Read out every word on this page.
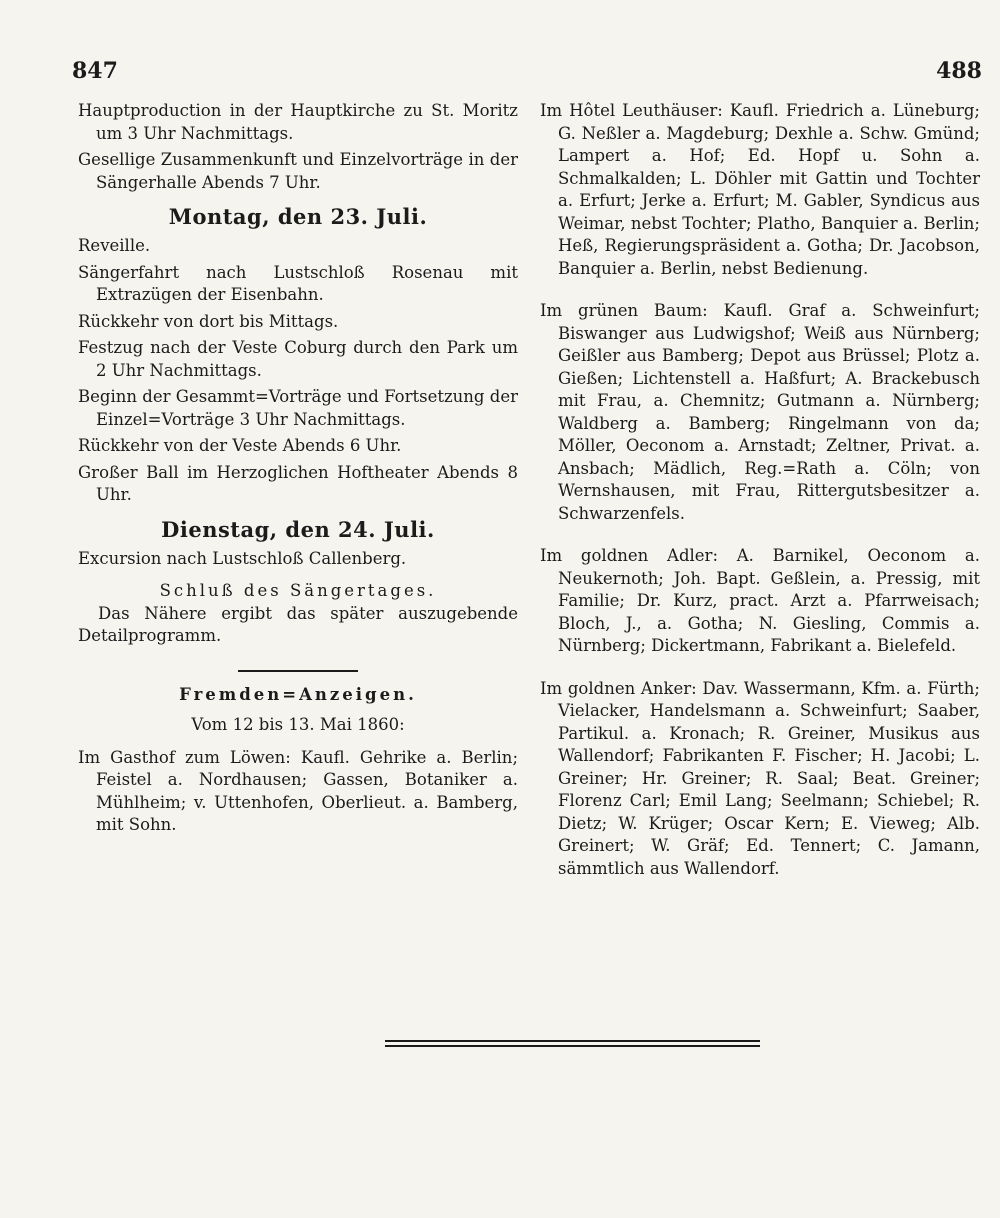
847	488

Hauptproduction in der Hauptkirche zu St. Moritz um 3 Uhr Nachmittags.

Gesellige Zusammenkunft und Einzelvorträge in der Sängerhalle Abends 7 Uhr.

Montag, den 23. Juli.

Reveille.

Sängerfahrt nach Lustschloß Rosenau mit Extrazügen der Eisenbahn.

Rückkehr von dort bis Mittags.

Festzug nach der Veste Coburg durch den Park um 2 Uhr Nachmittags.

Beginn der Gesammt=Vorträge und Fortsetzung der Einzel=Vorträge 3 Uhr Nachmittags.

Rückkehr von der Veste Abends 6 Uhr.

Großer Ball im Herzoglichen Hoftheater Abends 8 Uhr.

Dienstag, den 24. Juli.

Excursion nach Lustschloß Callenberg.

Schluß des Sängertages.

Das Nähere ergibt das später auszugebende Detailprogramm.

Fremden=Anzeigen.

Vom 12 bis 13. Mai 1860:

Im Gasthof zum Löwen: Kaufl. Gehrike a. Berlin; Feistel a. Nordhausen; Gassen, Botaniker a. Mühlheim; v. Uttenhofen, Oberlieut. a. Bamberg, mit Sohn.

Im Hôtel Leuthäuser: Kaufl. Friedrich a. Lüneburg; G. Neßler a. Magdeburg; Dexhle a. Schw. Gmünd; Lampert a. Hof; Ed. Hopf u. Sohn a. Schmalkalden; L. Döhler mit Gattin und Tochter a. Erfurt; Jerke a. Erfurt; M. Gabler, Syndicus aus Weimar, nebst Tochter; Platho, Banquier a. Berlin; Heß, Regierungspräsident a. Gotha; Dr. Jacobson, Banquier a. Berlin, nebst Bedienung.

Im grünen Baum: Kaufl. Graf a. Schweinfurt; Biswanger aus Ludwigshof; Weiß aus Nürnberg; Geißler aus Bamberg; Depot aus Brüssel; Plotz a. Gießen; Lichtenstell a. Haßfurt; A. Brackebusch mit Frau, a. Chemnitz; Gutmann a. Nürnberg; Waldberg a. Bamberg; Ringelmann von da; Möller, Oeconom a. Arnstadt; Zeltner, Privat. a. Ansbach; Mädlich, Reg.=Rath a. Cöln; von Wernshausen, mit Frau, Rittergutsbesitzer a. Schwarzenfels.

Im goldnen Adler: A. Barnikel, Oeconom a. Neukernoth; Joh. Bapt. Geßlein, a. Pressig, mit Familie; Dr. Kurz, pract. Arzt a. Pfarrweisach; Bloch, J., a. Gotha; N. Giesling, Commis a. Nürnberg; Dickertmann, Fabrikant a. Bielefeld.

Im goldnen Anker: Dav. Wassermann, Kfm. a. Fürth; Vielacker, Handelsmann a. Schweinfurt; Saaber, Partikul. a. Kronach; R. Greiner, Musikus aus Wallendorf; Fabrikanten F. Fischer; H. Jacobi; L. Greiner; Hr. Greiner; R. Saal; Beat. Greiner; Florenz Carl; Emil Lang; Seelmann; Schiebel; R. Dietz; W. Krüger; Oscar Kern; E. Vieweg; Alb. Greinert; W. Gräf; Ed. Tennert; C. Jamann, sämmtlich aus Wallendorf.
